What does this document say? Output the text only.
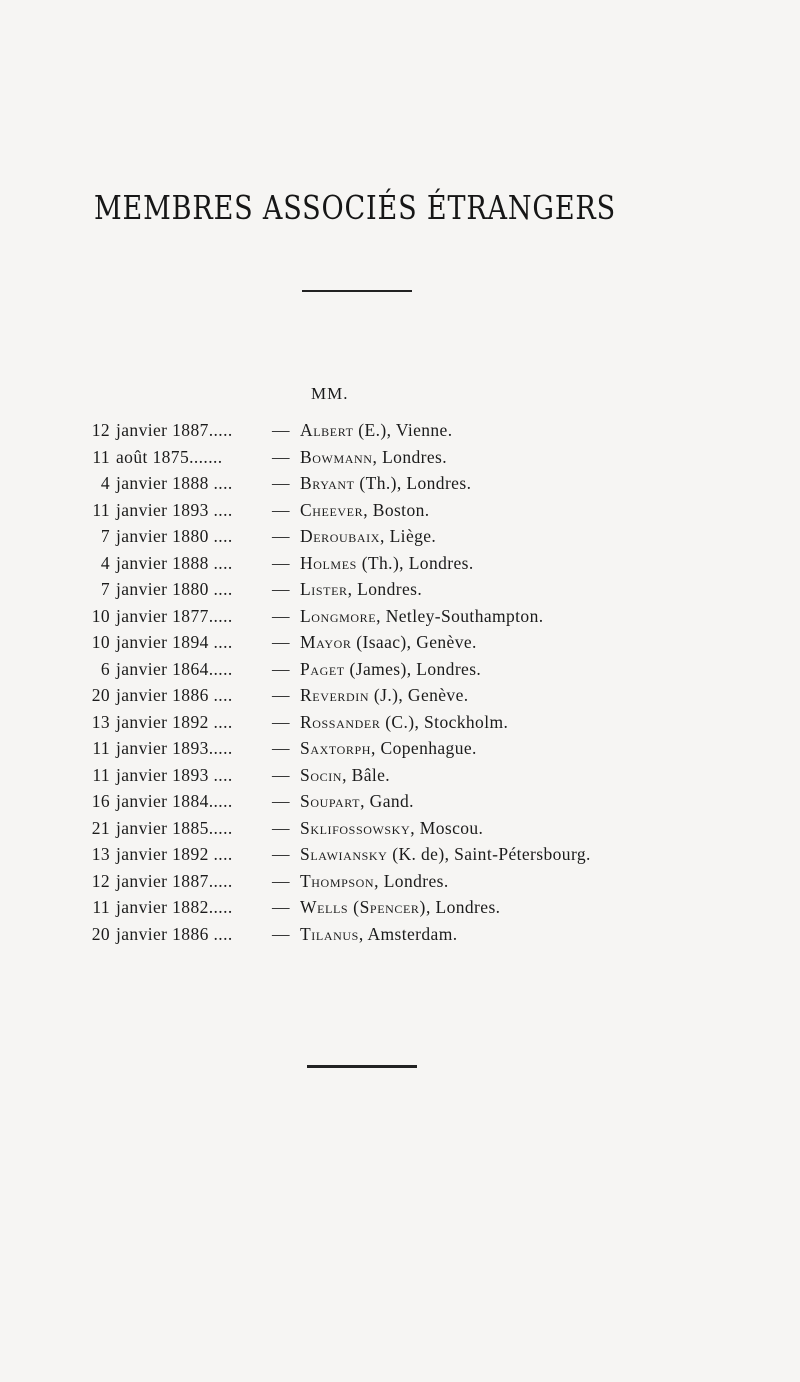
MEMBRES ASSOCIÉS ÉTRANGERS
MM.
12 janvier 1887..... — Albert (E.), Vienne.
11 août 1875.......	— Bowmann, Londres.
4 janvier 1888 .... — Bryant (Th.), Londres.
11 janvier 1893 .... — Cheever, Boston.
7 janvier 1880 .... — Deroubaix, Liège.
4 janvier 1888 .... — Holmes (Th.), Londres.
7 janvier 1880 .... — Lister, Londres.
10 janvier 1877..... — Longmore, Netley-Southampton.
10 janvier 1894 .... — Mayor (Isaac), Genève.
6 janvier 1864..... — Paget (James), Londres.
20 janvier 1886 .... — Reverdin (J.), Genève.
13 janvier 1892 .... — Rossander (C.), Stockholm.
11 janvier 1893..... — Saxtorph, Copenhague.
11 janvier 1893 .... — Socin, Bâle.
16 janvier 1884..... — Soupart, Gand.
21 janvier 1885..... — Sklifossowsky, Moscou.
13 janvier 1892 .... — Slawiansky (K. de), Saint-Pétersbourg.
12 janvier 1887..... — Thompson, Londres.
11 janvier 1882..... — Wells (Spencer), Londres.
20 janvier 1886 .... — Tilanus, Amsterdam.
